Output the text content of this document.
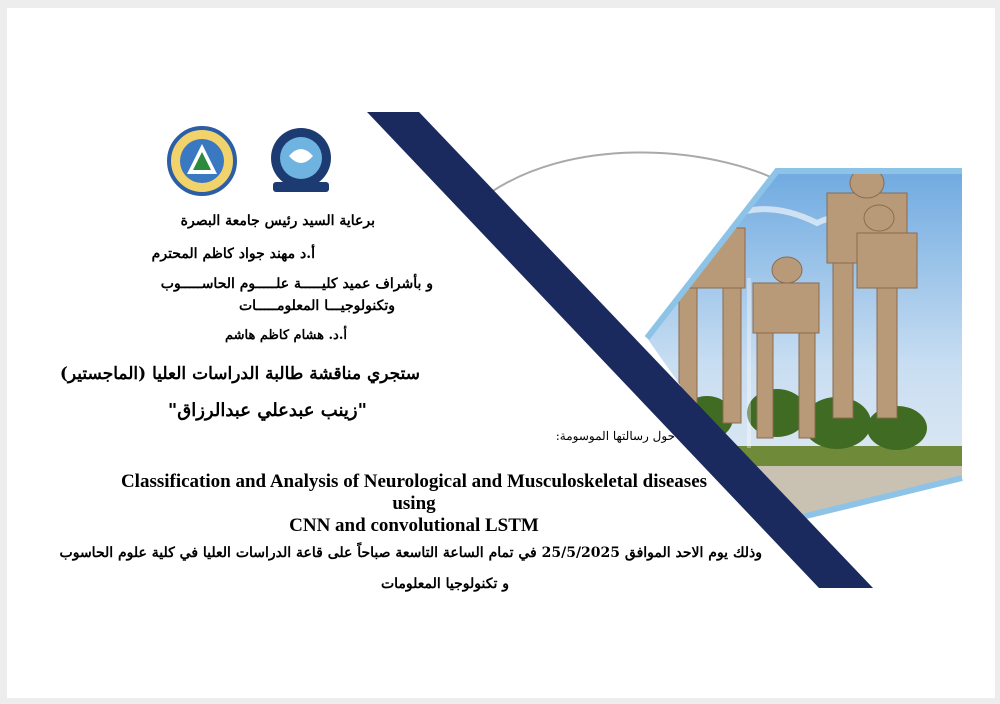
برعاية السيد رئيس جامعة البصرة
أ.د مهند جواد كاظم المحترم
و بأشراف عميد كليـــــة علـــــوم الحاســـــوب
وتكنولوجيـــا المعلومـــــات
أ.د. هشام كاظم هاشم
ستجري مناقشة طالبة الدراسات العليا (الماجستير)
"زينب عبدعلي عبدالرزاق"
حول رسالتها الموسومة:
Classification and Analysis of Neurological and Musculoskeletal diseases using
CNN and convolutional LSTM
وذلك يوم الاحد الموافق 25/5/2025 في تمام الساعة التاسعة صباحاً على قاعة الدراسات العليا في كلية علوم الحاسوب
و تكنولوجيا المعلومات
